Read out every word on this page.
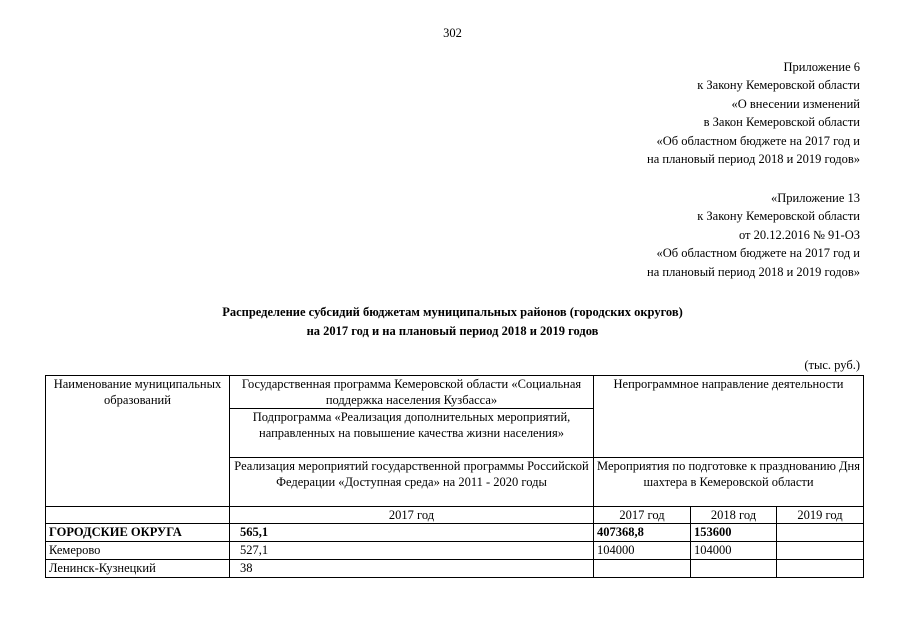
302
Приложение 6
к Закону Кемеровской области
«О внесении изменений
в Закон Кемеровской области
«Об областном бюджете на 2017 год и
на плановый период 2018 и 2019 годов»
«Приложение 13
к Закону Кемеровской области
от 20.12.2016 № 91-ОЗ
«Об областном бюджете на 2017 год и
на плановый период 2018 и 2019 годов»
Распределение субсидий бюджетам муниципальных районов (городских округов)
на 2017 год и на плановый период 2018 и 2019 годов
(тыс. руб.)
Наименование муниципальных образований	Государственная программа Кемеровской области «Социальная поддержка населения Кузбасса»	Непрограммное направление деятельности		
	Подпрограмма «Реализация дополнительных мероприятий, направленных на повышение качества жизни населения»			
	Реализация мероприятий государственной программы Российской Федерации «Доступная среда» на 2011 - 2020 годы	Мероприятия по подготовке к празднованию Дня шахтера в Кемеровской области		
	2017 год	2017 год	2018 год	2019 год
ГОРОДСКИЕ ОКРУГА	565,1	407368,8	153600	
Кемерово	527,1	104000	104000	
Ленинск-Кузнецкий	38			
